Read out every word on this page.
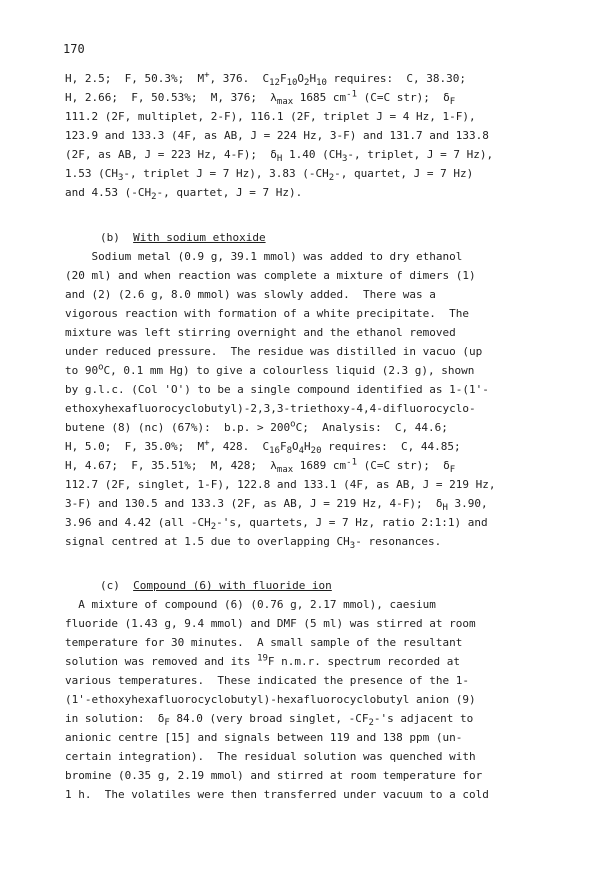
170
H, 2.5;  F, 50.3%;  M+, 376.  $C_{12}F_{10}O_2H_{10}$ requires:  C, 38.30;
H, 2.66;  F, 50.53%;  M, 376;  $\lambda_{max}$ 1685 $cm^{-1}$ (C=C str);  $\delta_F$
111.2 (2F, multiplet, 2-F), 116.1 (2F, triplet J = 4 Hz, 1-F),
123.9 and 133.3 (4F, as AB, J = 224 Hz, 3-F) and 131.7 and 133.8
(2F, as AB, J = 223 Hz, 4-F);  $\delta_H$ 1.40 ($CH_3-$, triplet, J = 7 Hz),
1.53 ($CH_3-$, triplet J = 7 Hz), 3.83 ($-CH_2-$, quartet, J = 7 Hz)
and 4.53 ($-CH_2-$, quartet, J = 7 Hz).
(b)  With sodium ethoxide
Sodium metal (0.9 g, 39.1 mmol) was added to dry ethanol
(20 ml) and when reaction was complete a mixture of dimers (1)
and (2) (2.6 g, 8.0 mmol) was slowly added.  There was a
vigorous reaction with formation of a white precipitate.  The
mixture was left stirring overnight and the ethanol removed
under reduced pressure.  The residue was distilled in vacuo (up
to 90$^o$C, 0.1 mm Hg) to give a colourless liquid (2.3 g), shown
by g.l.c. (Col 'O') to be a single compound identified as 1-(1'-
ethoxyhexafluorocyclobutyl)-2,3,3-triethoxy-4,4-difluorocyclo-
butene (8) (nc) (67%):  b.p. > $200^oC$;  Analysis:  C, 44.6;
H, 5.0;  F, 35.0%;  M+, 428.  $C_{16}F_8O_4H_{20}$ requires:  C, 44.85;
H, 4.67;  F, 35.51%;  M, 428;  $\lambda_{max}$ 1689 $cm^{-1}$ (C=C str);  $\delta_F$
112.7 (2F, singlet, 1-F), 122.8 and 133.1 (4F, as AB, J = 219 Hz,
3-F) and 130.5 and 133.3 (2F, as AB, J = 219 Hz, 4-F);  $\delta_H$ 3.90,
3.96 and 4.42 (all $-CH_2-'s$, quartets, J = 7 Hz, ratio 2:1:1) and
signal centred at 1.5 due to overlapping $CH_3-$ resonances.
(c)  Compound (6) with fluoride ion
A mixture of compound (6) (0.76 g, 2.17 mmol), caesium
fluoride (1.43 g, 9.4 mmol) and DMF (5 ml) was stirred at room
temperature for 30 minutes.  A small sample of the resultant
solution was removed and its $^{19}$F n.m.r. spectrum recorded at
various temperatures.  These indicated the presence of the 1-
(1'-ethoxyhexafluorocyclobutyl)-hexafluorocyclobutyl anion (9)
in solution:  $\delta_F$ 84.0 (very broad singlet, $-CF_2-'s$ adjacent to
anionic centre [15] and signals between 119 and 138 ppm (un-
certain integration).  The residual solution was quenched with
bromine (0.35 g, 2.19 mmol) and stirred at room temperature for
1 h.  The volatiles were then transferred under vacuum to a cold
